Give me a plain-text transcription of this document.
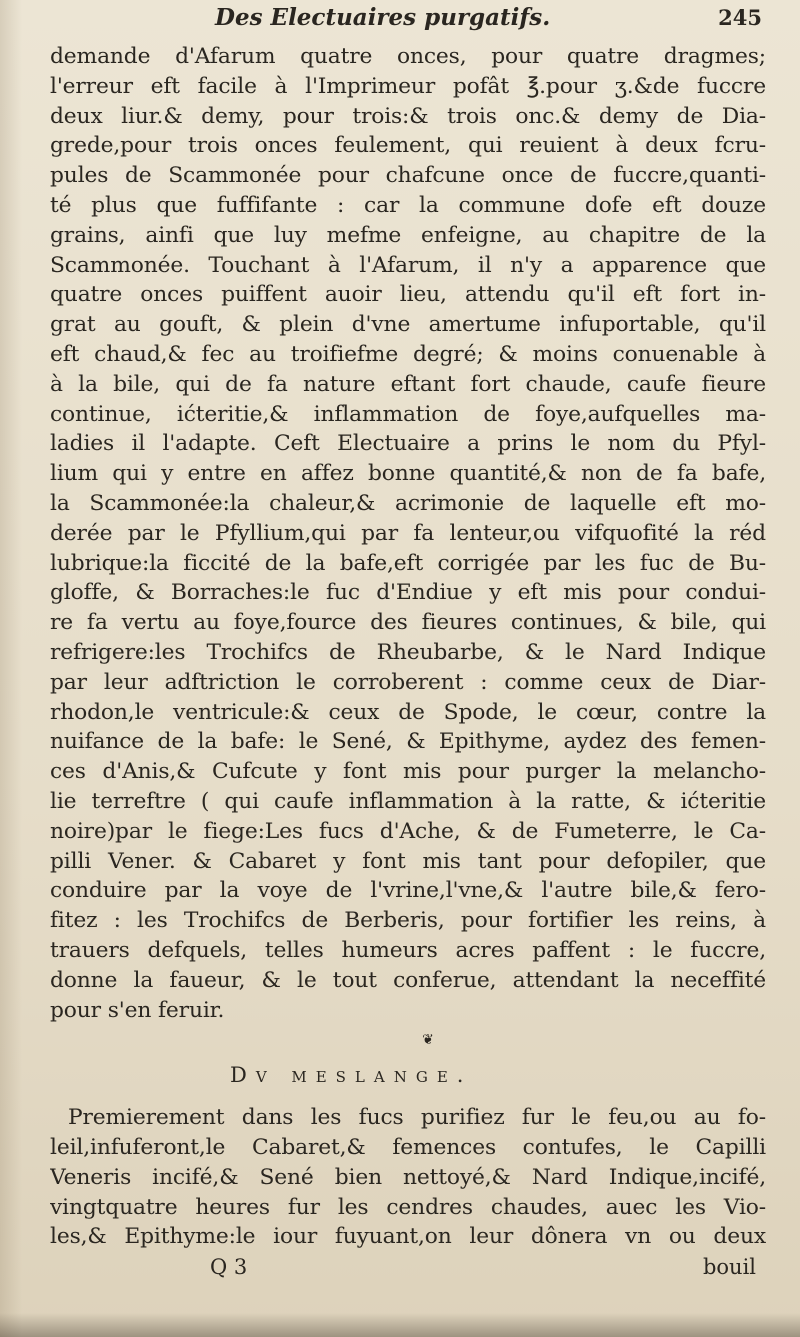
Des Electuaires purgatifs.	245
demande d'Afarum quatre onces, pour quatre dragmes;
l'erreur eft facile à l'Imprimeur pofât ℥.pour ʒ.&de fuccre
deux liur.& demy, pour trois:& trois onc.& demy de Dia-
grede,pour trois onces feulement, qui reuient à deux fcru-
pules de Scammonée pour chafcune once de fuccre,quanti-
té plus que fuffifante : car la commune dofe eft douze
grains, ainfi que luy mefme enfeigne, au chapitre de la
Scammonée. Touchant à l'Afarum, il n'y a apparence que
quatre onces puiffent auoir lieu, attendu qu'il eft fort in-
grat au gouft, & plein d'vne amertume infuportable, qu'il
eft chaud,& fec au troifiefme degré; & moins conuenable à
à la bile, qui de fa nature eftant fort chaude, caufe fieure
continue, ićteritie,& inflammation de foye,aufquelles ma-
ladies il l'adapte. Ceft Electuaire a prins le nom du Pfyl-
lium qui y entre en affez bonne quantité,& non de fa bafe,
la Scammonée:la chaleur,& acrimonie de laquelle eft mo-
derée par le Pfyllium,qui par fa lenteur,ou vifquofité la réd
lubrique:la ficcité de la bafe,eft corrigée par les fuc de Bu-
gloffe, & Borraches:le fuc d'Endiue y eft mis pour condui-
re fa vertu au foye,fource des fieures continues, & bile, qui
refrigere:les Trochifcs de Rheubarbe, & le Nard Indique
par leur adftriction le corroberent : comme ceux de Diar-
rhodon,le ventricule:& ceux de Spode, le cœur, contre la
nuifance de la bafe: le Sené, & Epithyme, aydez des femen-
ces d'Anis,& Cufcute y font mis pour purger la melancho-
lie terreftre ( qui caufe inflammation à la ratte, & ićteritie
noire)par le fiege:Les fucs d'Ache, & de Fumeterre, le Ca-
pilli Vener. & Cabaret y font mis tant pour defopiler, que
conduire par la voye de l'vrine,l'vne,& l'autre bile,& fero-
fitez : les Trochifcs de Berberis, pour fortifier les reins, à
trauers defquels, telles humeurs acres paffent : le fuccre,
donne la faueur, & le tout conferue, attendant la neceffité
pour s'en feruir.
❦
Dv meslange.
Premierement dans les fucs purifiez fur le feu,ou au fo-
leil,infuferont,le Cabaret,& femences contufes, le Capilli
Veneris incifé,& Sené bien nettoyé,& Nard Indique,incifé,
vingtquatre heures fur les cendres chaudes, auec les Vio-
les,& Epithyme:le iour fuyuant,on leur dônera vn ou deux
Q 3	bouil
